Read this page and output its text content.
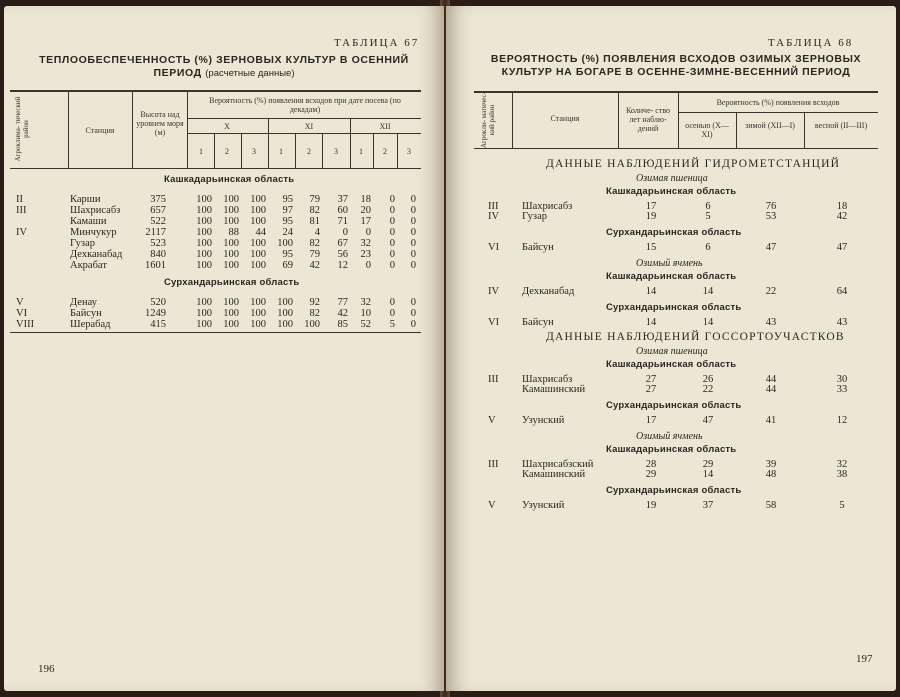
ТАБЛИЦА 67
ТЕПЛООБЕСПЕЧЕННОСТЬ (%) ЗЕРНОВЫХ КУЛЬТУР В ОСЕННИЙ
ПЕРИОД (расчетные данные)
Агроклима- тический район	Станция
Высота над уровнем моря (м)
Вероятность (%) появления всходов при дате посева (по декадам)
X	XI	XII
1	2	3	1	2	3	1	2	3
Кашкадарьинская область
II	Карши	375	100	100	100	95	79	37	18	0	0
III	Шахрисабз	657	100	100	100	97	82	60	20	0	0
Камаши	522	100	100	100	95	81	71	17	0	0
IV	Минчукур	2117	100	88	44	24	4	0	0	0	0
Гузар	523	100	100	100	100	82	67	32	0	0
Дехканабад	840	100	100	100	95	79	56	23	0	0
Акрабат	1601	100	100	100	69	42	12	0	0	0
Сурхандарьинская область
V	Денау	520	100	100	100	100	92	77	32	0	0
VI	Байсун	1249	100	100	100	100	82	42	10	0	0
VIII	Шерабад	415	100	100	100	100	100	85	52	5	0
196
ТАБЛИЦА 68
ВЕРОЯТНОСТЬ (%) ПОЯВЛЕНИЯ ВСХОДОВ ОЗИМЫХ ЗЕРНОВЫХ
КУЛЬТУР НА БОГАРЕ В ОСЕННЕ-ЗИМНЕ-ВЕСЕННИЙ ПЕРИОД
Агрокли- матичес- кий район	Станция
Количе- ство лет наблю- дений
Вероятность (%) появления всходов
осенью (X—XI)
зимой (XII—I)	весной (II—III)
ДАННЫЕ НАБЛЮДЕНИЙ ГИДРОМЕТСТАНЦИЙ
Озимая пшеница
Кашкадарьинская область
III Шахрисабз	17	6	76	18
IV Гузар	19	5	53	42
Сурхандарьинская область
VI Байсун	15	6	47	47
Озимый ячмень
Кашкадарьинская область
IV Дехканабад	14	14	22	64
Сурхандарьинская область
VI Байсун	14	14	43	43
ДАННЫЕ НАБЛЮДЕНИЙ ГОССОРТОУЧАСТКОВ
Озимая пшеница
Кашкадарьинская область
III Шахрисабз	27	26	44	30
Камашинский	27	22	44	33
Сурхандарьинская область
V	Узунский	17	47	41	12
Озимый ячмень
Кашкадарьинская область
III Шахрисабзский	28	29	39	32
Камашинский	29	14	48	38
Сурхандарьинская область
V	Узунский	19	37	58	5
197
